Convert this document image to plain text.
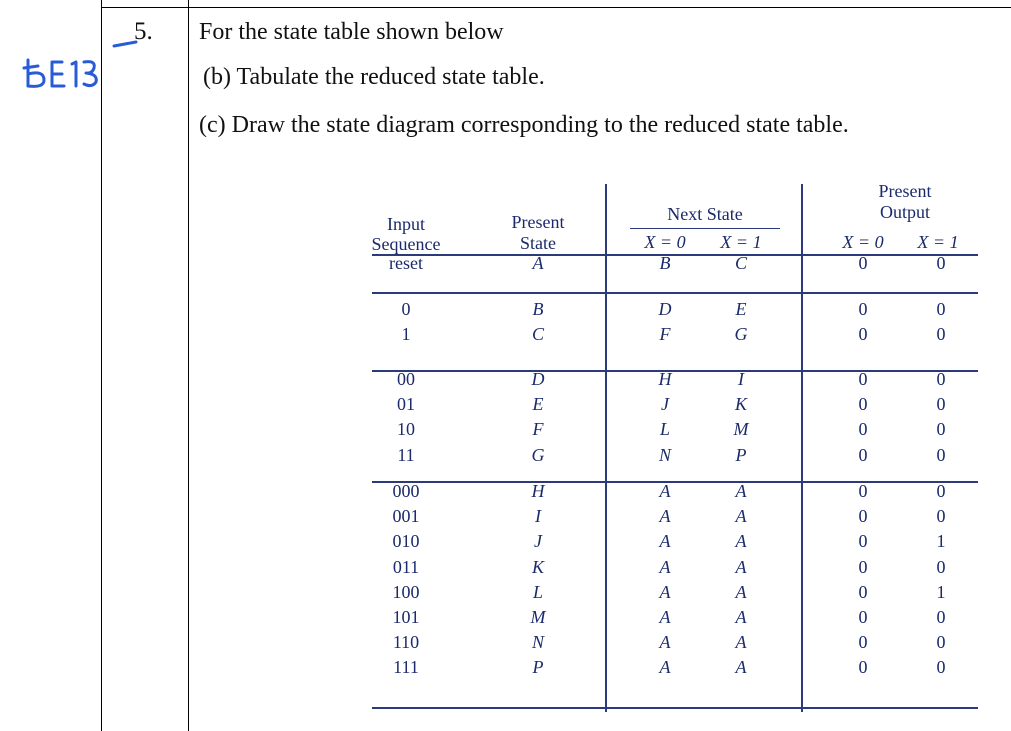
5. For the state table shown below
(b) Tabulate the reduced state table.
(c) Draw the state diagram corresponding to the reduced state table.
Input
Sequence
Present
State
Next State
X = 0	X = 1
Present
Output
X = 0	X = 1
reset	A	B	C	0	0
0	B	D	E	0	0
1	C	F	G	0	0
00	D	H	I	0	0
01	E	J	K	0	0
10	F	L	M	0	0
11	G	N	P	0	0
000	H	A	A	0	0
001	I	A	A	0	0
010	J	A	A	0	1
011	K	A	A	0	0
100	L	A	A	0	1
101	M	A	A	0	0
110	N	A	A	0	0
111	P	A	A	0	0
